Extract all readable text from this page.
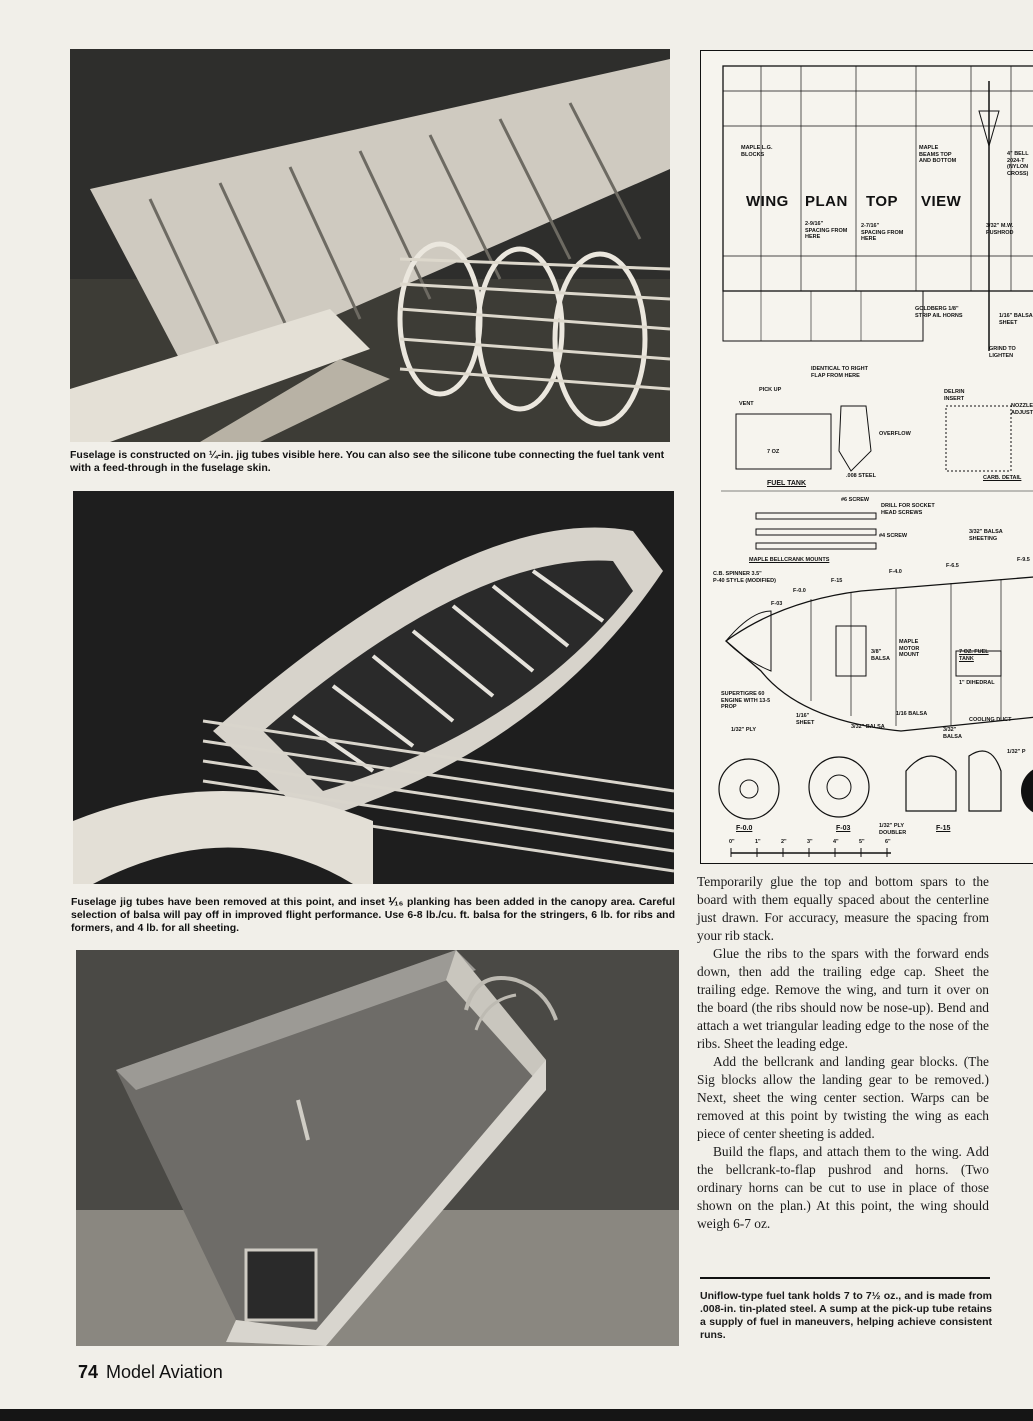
Fuselage is constructed on ¼-in. jig tubes visible here. You can also see the silicone tube connecting the fuel tank vent with a feed-through in the fuselage skin.
Fuselage jig tubes have been removed at this point, and inset ⅟₁₆ planking has been added in the canopy area. Careful selection of balsa will pay off in improved flight performance. Use 6-8 lb./cu. ft. balsa for the stringers, 6 lb. for ribs and formers, and 4 lb. for all sheeting.
WING PLAN TOP VIEW
MAPLE L.G.
BLOCKS
MAPLE
BEAMS TOP
AND BOTTOM
4" BELL
2024-T
(NYLON
CROSS)
2-9/16"
SPACING FROM
HERE
2-7/16"
SPACING FROM
HERE
3/32" M.W.
PUSHROD
GOLDBERG 1/8"
STRIP AIL HORNS	1/16" BALSA
SHEET
GRIND TO
LIGHTEN
IDENTICAL TO RIGHT
FLAP FROM HERE
PICK UP
VENT
OVERFLOW
7 OZ
.008 STEEL
FUEL TANK
DELRIN
INSERT
NOZZLE
ADJUST
CARB. DETAIL
#6 SCREW
DRILL FOR SOCKET
HEAD SCREWS
#4 SCREW
MAPLE BELLCRANK MOUNTS
3/32" BALSA
SHEETING
C.B. SPINNER 3.5"
P-40 STYLE (MODIFIED)
F-0.0
F-03
F-15
F-4.0
F-6.5
F-9.5
MAPLE
MOTOR
MOUNT
3/8"
BALSA
7 OZ. FUEL
TANK
1" DIHEDRAL
SUPERTIGRE 60
ENGINE WITH 13-5
PROP
1/16"
SHEET
3/32" BALSA
1/16 BALSA
COOLING DUCT
3/32"
BALSA
1/32" PLY
1/32" P
F-0.0	F-03	1/32" PLY
DOUBLER
F-15
0"	1"	2"	3"	4"	5"	6"

Temporarily glue the top and bottom spars to the board with them equally spaced about the centerline just drawn. For accuracy, measure the spacing from your rib stack.

Glue the ribs to the spars with the forward ends down, then add the trailing edge cap. Sheet the trailing edge. Remove the wing, and turn it over on the board (the ribs should now be nose-up). Bend and attach a wet triangular leading edge to the nose of the ribs. Sheet the leading edge.

Add the bellcrank and landing gear blocks. (The Sig blocks allow the landing gear to be removed.) Next, sheet the wing center section. Warps can be removed at this point by twisting the wing as each piece of center sheeting is added.

Build the flaps, and attach them to the wing. Add the bellcrank-to-flap pushrod and horns. (Two ordinary horns can be cut to use in place of those shown on the plan.) At this point, the wing should weigh 6-7 oz.

Uniflow-type fuel tank holds 7 to 7½ oz., and is made from .008-in. tin-plated steel. A sump at the pick-up tube retains a supply of fuel in maneuvers, helping achieve consistent runs.
74 Model Aviation
